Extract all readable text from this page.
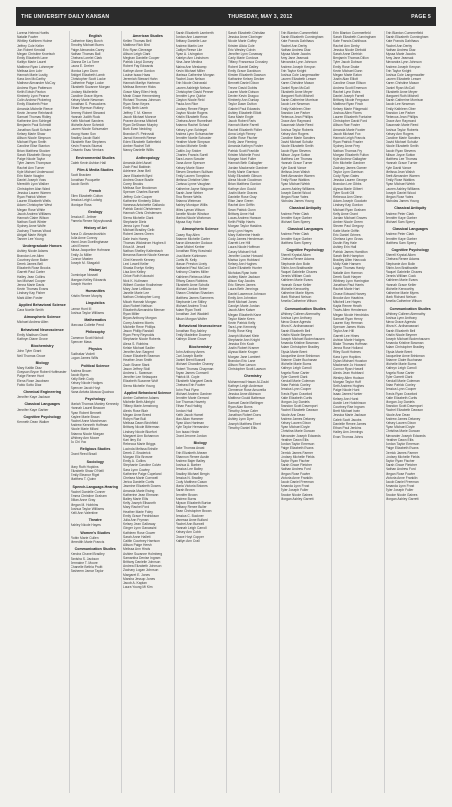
THE UNIVERSITY DAILY KANSAN	THURSDAY, MAY 3, 2012	PAGE 5
Lorena Helena Huelts
Natalie Fowler
Whitley Kathleen Hulme
Jeffrey Cole Keller
Jon Robert Kendall
Megan Christine Kroetsch
Emily Elizabeth Lane
Kaitlyn Marie Laurel
Matthew Ryan Lohmeyer
Melissa Ann Lohr
Hannah Marie Lustig
Kara Ann McCarthy
Mathew Alexander McCoy
Andrew Ryan Patterson
Keith Edwin Paxton
Kimberly Lynn Pearce
Colin Andrew Pickering
Emily Elizabeth Price
Amanda Michelle Reece
Kevin Jerome Reinhardt
Samuel Thomas Ridley
Katherine Ann Schlegel
Benjamin Paul Schmidt
Jonathan Scott Schuler
Kelsey Marie Shaw
Allison Nicole Simpson
Michael Ryan Smith
Caroline Elise Stanton
Brian Matthew Stocker
Sarah Elizabeth Stroup
Paige Nicole Taylor
Tyler James Thompson
Rachel Ann Turner
Kyle Michael Underwood
Erin Marie Vaughn
Daniel Joseph Voss
Meredith Lynn Walker
Christopher Alan Ward
Jessica Lauren Warren
Ryan Patrick Weber
Lauren Elizabeth Wells
Adam Christopher West
Megan Rose White
Jacob Andrew Williams
Hannah Claire Wilson
Nathan Scott Winter
Sydney Anne Wolfe
Zachary Thomas Wood
Abigail Marie Wright
Tanner Lee Young
Undergraduate Honors
Ashley Nicole Adams
Brandon Lee Allen
Courtney Anne Baker
Derek James Bell
Elizabeth Rose Brooks
Garrett Paul Carter
Hailey Jean Collins
Ian Michael Cooper
Jenna Marie Davis
Kevin Thomas Evans
Lindsey Kay Fisher
Mark Allen Foster
Applied Behavioral Science
Cara Noelle Smith
Atmospheric Science
Michael Andrew Allen
Behavioral Neuroscience
Emily Madison Grant
Kathryn Diane Grove
Biochemistry
John Tyler Grant
Neil Thomas Groce
Biology
Mary Kaitlin Diaz
Grayson Bryce Robert Huffmaster
Paige Renee Hunt
Elena Rose Jacobsen
Fabio Sotto Diaz
Chemical Engineering
Jennifer Kaye Jackson
Classical Languages
Jennifer Kaye Garber
Cognitive Psychology
Kenneth Dean Walker
English
Catherine Mary Burch
Timothy Michael Burns
Paige Alexandra Carey
Nathan Thomas Ball
Chelsea Lorelei Clark
Gianna De La Torre
Laura E. Dreher
Monica Lynn Dunn
Bridget Elizabeth Lamb
Christopher Scott Locke
Catherine Paige Locke
Elizabeth Suzanne Morgan
Lindsey Mullerleile
Caroline Grace Myers
Kelsey Marie Newman
Jonathan S. Prasuckers
Ethan Ryerson Rutkey
Jeremy Robert Steward
Hannah Judith Ruck
Keith Michael Sanders
Michelle Anne Schmidt
Lauren Nicole Schuessler
Young Hwan Son
Bradley Jacob Stahl
Elizabeth Rae Stephens
Kevin Francis Stuessi
Crisanto Esau Ventura
Environmental Studies
Caleb Kevin Ashton Hall
Film & Media Studies
Scott Bracken
Jonathan Pouquette
Jacob Smith
French
Ellen Elizabeth Colton
Jessica Leigh Ludwig
Monique Ross
Geology
Jessica E. Jettner
Pamela Renee Wyrzykowski
History of Art
Anna D. Alexandrushkin
Julia Anne Conroy
Yanni Jean Doellinghasse
Laini Emmer
Alissa Jacqueline Hofmann
Emily Ju Miller
Connor Masten
Joseph M. Sbagaldi
History
Dominique Nosseil
Maegan Kelley Edwards
Joseph Hunter
Humanities
Kristin Renee Murphy
Linguistics
Lamar Hunt III
Joshua Taylor Williams
Mathematics
Marcusa Collette Pend
Philosophy
Cameron Scott Nicholl
Spencer Mass
Physics
Sudhakar Vodeti
Logan James Wills
Political Science
Andrea Brown
Jacob Byers
Kelly Beth Cody
Kelsey Nicole Hodges
Spencer Jacob Hoyt
Nana Antwia Akosua Quainoo
Psychology
Mariah Thomas Manley Kennedy
Hannah Laurel Beacom
Ryan Robert Bennett
Kaylee Marie Braun
Rachel Anne Marchesan
Andrew Kenneth Hoffman
Nicole Marie Milani
Brianna Nicole Morgan
Whitney Ann Moore
Ju Chi Yoo
Religious Studies
Grant Reed Brazil
Sociology
Mary Ruth Hopkins
Elizabeth Shaw O'Neill
Emily Eleanor Rigel
Matthew T. Quinn
Speech-Language-Hearing
Rachel Danielle Conner
Emma Christine Graham
Jillian Anne Gray
Megan M. Hobbins
Joshua Taylor Williams
Kelli Ann Valentine
Theatre
Ashley Nicole Hayes
Women's Studies
Robin Marie Cullen
Meredith Marie Francis
Communication Studies
Kendra Chanel Bradley
Tanisha S. Jackson
Jermaine T. Moore
Chanelle Bethia Pruitt
Tasheem Jamar Taylor
American Studies
Kellen Thomas Bell
Matthew Rich Bird
Eric Ryan Cleveage
Allison Leigh Clark
Meghan Danielle Cooper
Patrick Lloyd Dorsey
Robert Fay Edwards
Kathryn Anne Gordon
Louise Isaac Haas
Jeremiah Stewart Hahn
Hannah Marilyn Hartman
Melissa Brenner Hicks
Grace Mary Ellen Hedy
Meah Grace Hennenberg
Richard Thomas Johnson
Ryan Sean Keyes
Emily Beth Lamb
Jeffrey T. M. Klemm
Jacob Michael Monroe
Pravee Anvesa Mitchell
Ryan DeShawn Murphy
Burk Evan Nedding
Brandon R. Petrovski
Jarrod Kenneth Reese
Eden Elizabeth Satterfield
Amber Rachel Toft
Nancy Danielle Willis
Anthropology
Amanda Ariel Assel
Zach Paul Baldwin
Adrienne Jean Bell
Jane Elizabeth Byrd
Andrea Grace Bustle
Corey Brooks
Melissa Sue Brockman
Spencer Charles Burnett
Jeffrey Cole Cooper
Katherine Kimberly Dillon
Vanessa Antoinette Gallardo
Patrick David Christensen
Hannah Chris Christensen
Sierra Michelle Clark
Stephanie Dietz
Jenna Lynn Foust
Michael Bradley Gelb
Robert James Green
Dale Irwin Haney
Thomas Wickstrom Hughes II
Erica M. Jewell
Nathan Shelley Kaltenbach
Breanna Bonnie Nicole Keenan
Clint Kenneth Kenney
Lexi Lowell Keller
Shasta Evelyn Kelley
Lisa Ann Kelley
Chloe Ruth Kokoschi
Nick K. Kullmann
Wilbert Gordon Kvalheimer
Mary Jane LeBlanc
Janelle Marie Lee
Nathan Christopher Long
Micah Hannah Morgan
Alan Robert Neilson
Elizabeth Alexandria Menser
Ryan Miller
Bryan Anthony Morgan
Corey Andrew Morris
Michelle Rene Phillips
Jason Phillip Randall
Ryan Perry Reynolds
Stephanie Nicole Roberts
Alexa S. Robbins
Kelsie Michael Sadler
Jennifer Ann Sargent
Grace Elizabeth Seaman
Heather Jean Smith
Zach Shane Stark
Jason Jeffrey Stoll
Andrew L. Swanson
Jennifer Lee Velasquez
Elizabeth Suzanne Wolf
Sierra Michelle Young
Applied Behavioral Science
Amber Catherine Adams
Michelle Beth Albright
Tiffany Marie Armstrong
Alexis Rose Blair
Megan Anne Breed
Robyn Rae Bull
Melissa Dawn Birchfield
Brittany Nicole Bitterman
Lindsey Nicole Bluefort
Margaret Ann Bohannon
Kari Ilery Ed
Rebecca Marie Briggs
Lucinda Melissa Brindle
Derek Z. Broderick
Morgan Eliz Browne
Emily A. Collins
Stephanie Caroline Colvin
Sara Lynn Cowley
Katherine Paige Copeland
Chelsea Marie Cornwell
Jerica Danielle Curtis
Jasmine Elizabeth Downs
Amanda Marie Ewing
Katherine Jean Ehmann
Bailey Marie Ellis
Kelly Joseph Ellsworth
Mary Rachel Ford
Heather Marie Foley
Emily Grace Fredrickson
Julia Ann Fryman
Kelsey Jean Galloway
Ginger Lynn Ganassini
Kathleen Rose Gower
Sarah Anne Hallett
Caitlin Courtney Harrison
Allison Paige Hersh
Melissa Ann Hinds
Ashlee Suzanne Holmberg
Samantha Denise Ingram
Brittany Danielle Johnson
Andrea Elizabeth Johnson
Zachary Logan Johnson
Margaret E. Jones
Marsha Jessop Jones
Jacob A. Kaplan
Laura Young Mi Kim
Sarah Elizabeth Lamberth
Jordan Ann Lawrence
Brittany Danielle Law
Andrew Martin Lee
Caitlyn Reese Lile
Ryan A. Livingston
Katelyn Ann Lindstrom
Nina Jane Medina
Alaina Ann Meskamp
Kevin Michael Miller
Marissa Catherine Morgan
Rachel Joan Nelson
Erin Nicole Ostrowski
Lauren Ashleigh Nelson
Christopher David Penner
Jennifer Lynn Quirke
Clayton Nicole Reid
Paula Ann Rice
Lindsey Renee Rieger
Dayton Nicole Rogers
Kristin Elizabeth Ross
Chelsea Anne Rumelhart
Arianna Rachel Schauf
Kelsey Lynn Schlegel
Andrea Lynn Schumacher
Jennifer Noelle Schuster
Heather Marie Simpson
Jordan Michele Smith
Caitlin Joy Snider
Charles Francis Sorell
Sara Leann Sowder
Dana Anne Spencer
Kelsey Marie Stone
Steven Dearborn Sullivan
Emily Lauren Tompkins
Melissa Christine Utter
Carissa Lynne Vaughan
Katherine Jayne Wagoner
Sarah Jane Weber
Tina Renee Wells
Brianna Weirman
Ashley Monique Willis
Miles Lyman Wilson
Janelle Nicole Windsor
Marina Nicole Workman
Alyssa Kay Yoder
Atmospheric Science
Casey Ray Allen
Brianne Michelle Carter
Aaron Alexander Godaux
Dane Michel Kerber
Jonathan Riley Krasinski
Lisa Marie Kuhlmann
Curtis W. Kelly
Mason Preston Lively
Nathaniel Paul McCord
Anthony Charles Miller
Kathleen Rebecca Mize
Tiffany Dawn Robbins
Elizabeth Anne Schultz
Michael Jordan Seber
Shawn Christian Shanken
Matthew James Sommers
Stephanie Lee Stilley
Michael Andrew Trout
Adam Ryan Twell
Jonathan Joel Waddell
Alison Morgan Wolfer
Behavioral Neuroscience
Jonathan Roy Ashley
Emily Madeline Downey
Kathryn Diane Grove
Biochemistry
John Anthony Ames
Carl Joseph Bartle
Daniel Brent Bussell
Michael Chandler Chaney
Robert Thomas Chapman
Bryan James Cornwell
Patrick M. Coyle
Elizabeth Margaret Davis
Chelsea Erin Fowler
John Paul Flynn
Michael Andrew Gardner
Jennifer Marie Gerrard
Joe Thomas Haverty
Ethan Paul Halbig
Jordan Hall
Keith Jacob Hamel
Max Allan Hammer
Ryan Alan Hartman
Kyle Taylor Hernandez
Jon Isaac Hinde
Grant Jerome Jordan
Biology
Jake Thomas Anast
Erin Elizabeth Ahearn
Shannon Renee Austin
Andrew Bajer Bailey
Joshua A. Barber
Jessica Lee Bailey
Bradley Michael Bergin
Jessica N. Bradley
Cody Matthew Cason
Maria Victoria Briones
Sarah Brown
Jennifer Brown
Andrew Burns
Allyson Elizabeth Burton
Brittany Renee Buller
Sean Christopher Brown
Jessica C. Buckner
Vanessa Anne Bullard
Rachel Ann Burwell
Hannah Leigh Carroll
Kelsey Ann Cobb
Grace Hoyt Copper
Kaitlyn Ann Crall
Sarah Elizabeth Christian
Jessica Anne Cloninger
Nicole Marie Coffey
Kristen Alicia Cole
Eric Wesley Colvin
Jennifer Lynn Conaway
Carly Marie Cordova
Tiffany Francesca Crossley
Robert Daniel Dailey
Emily Grace Davidson
Kirsten Elizabeth Dawson
Katharine Kelsey Decker
Bennett Daniel Dixon
Trevor David Dobbs
Lauren Marie Dotson
Dexter Kevin Dragoo
Kimberly Ann Dunlap
Taylor Dawn Dutton
Gabriel Paul Edwards
Ashley Elizabeth Elliott
Sara Marie Engle
Jacob Robert Faris
Hannah Marie Farrell
Rachel Elizabeth Fidler
Anna Leigh Finney
Caitlin Rose Fischer
Emily Jane Fleming
Amanda Kathryn Foster
Patrick Scott Franklin
Kristen Michelle Frost
Morgan Noel Fuller
Hannah Beth Gallagher
Jordan Mackenzie Gardner
Emily Marie Garrison
Molly Elizabeth Gibson
Alexa Nicole Goodman
Brian Matthew Gordon
Kathryn Ann Gould
Justin Marie Graves
Danielle Rose Gray
Elise Jane Green
Rachel Ann Griffin
Sean Patrick Gunn
Brittany Anne Hall
Lucas Andrew Hanson
Keith Phillip Harris
Morgan Taylor Haskins
Amy Lynn Hayes
Mary Katherine Heath
Cody James Henderson
Garrett Lee Hill
Laura Nicole Hoffman
Casey Michael Holt
Jennifer Louise Howard
Marisa Lynn Hubbard
Kelsey Ann Hughes
Claire Elizabeth Hunter
Nicholas Ryan Irwin
Ashley Marie Jackson
Alison Kay Jacobs
Eric Steven James
Laura Beth Jennings
Daniel Lawrence Johnson
Emily Ann Johnston
Brett Michael Jones
Carolyn Marie Jordan
Jacob Allen Kaiser
Megan Elizabeth Kane
Taylor Marie Keen
Kevin Patrick Kelly
Tara Lynn Kennedy
Emily Rose King
Joseph Michael Klein
Stephanie Ann Knight
Jessica Erin Koch
Justin Robert Kramer
Alyssa Marie Kruger
Morgan Jane Lambert
Brandon Eric Lane
Allison Rae Larson
Christopher Scott Lawson
Chemistry
Mohammad Hasan Al-Zoubi
Kathryn Leigh Anderson
Clemence Rose Ansorella
Jessica Anne Atkinson
Matthew Gould Batterson
Samuel Daniel Bellinger
Ryan Alan Burns
Timothy Jesse Cater
Jonathan Robert Dons
Ashley Lynn Dyer
Joseph Matthew Ebert
Timothy Daniel Ellis
Erin Blanton Cummerfield
Sarah Elizabeth Cunningham
Kate Francis Dahlhaus
Rachel Ann Derby
Nathan Andrew Diaz
Alyssa Marie Jacobs
Amy Jane Jeansak
Alexandra Lynn Johnson
Andrew Joseph Kenyon
Erin Taylor Knight
Joshua Cole Langenwalter
Lauren Elizabeth Lesser
Karen Christine Mason
Daniel Ryan McCall
Elizabeth Anne Meyer
Margaret Ruth Mitchell
Sarah Catherine Morrison
Jacob Lee Newman
Emily Kathleen Ober
Brandon Lee Parker
Rebecca Jean Phillips
Grace Ann Raymond
Susannah Marie Reed
Joshua Taylor Roberts
Kelsey Ann Rogers
Caroline Marie Sanders
David Michael Schultz
Nicole Elizabeth Smith
Jacob Ryan Stevens
Allison Joyce Sutton
Matthew Lee Thomas
Hannah Grace Turner
Kyle David Vance
Melissa Jean Walsh
Brett Alexander Warren
Emily Rose Watkins
Ryan Michael Webb
Lauren Ashley Williams
Joseph Daniel Wood
Megan Rose Yates
Nicholas James Young
Classical Antiquity
Andrew Peter Clark
Jennifer Kaye Garber
Michael Sam Sperry
Classical Languages
Andrew Peter Clark
Jennifer Kaye Garber
Matthew Sam Sperry
Cognitive Psychology
Sherell Krystal Aiken
Chelsea Renee Adams
Stephanie Ann Bolin
Shirin Ann Braithwaite
Raquel Gabrielle Chaves
Dennis William Cook
Kathleen Marie Evans
Hannah Grace Keller
Michelle Kenworthy
Katherine Marie Myers
Mark Richard Nelson
Amelia Catherine Wilson
Communication Studies
Whitney Colleen Abernathy
Joshua Lynn Anthony
Alexa Grace Agresta
Mirza K. Ardhanaswari
Sarah Elizabeth Bell
Kristin Nicole Beymer
Joseph Michael Bodenhausen
Amanda Kristine Bowman
Adam Christopher Bradley
Elysia Marie Brent
Jacqueline Anne Brinkman
Brianne Claire Buchanan
Michelle Marie Burns
Kathryn Leigh Carroll
Angela Rose Carter
Tyler Garrett Clark
Kendall Marie Coleman
Brian Patrick Conley
Jessica Lynn Cooper
Travis Ryan Crawford
Katie Elizabeth Curtis
Morgan Joy Daniels
Brandon Scott Davenport
Rachel Elizabeth Dawson
Nicole Ann Dean
Andrew James Delaney
Kelsey Lauren Dixon
Ryan Michael Doyle
Christina Marie Duncan
Alexander Joseph Edwards
Heather Dawn Ellis
Jordan Taylor Emerson
Paige Elizabeth Evans
Derrick James Farmer
Lindsey Michelle Fields
Taylor Ryan Fischer
Sarah Grace Fletcher
Nathan Andrew Ford
Megan Rose Fowler
Victoria Anne Franklin
Jacob Daniel Freeman
Amanda Lynn Frost
Tyler Joseph Fuller
Brooke Nicole Gaines
Morgan Ashley Garrett
Erin Blanton Cummerfield
Sarah Elizabeth Cunningham
Kate Francis Dahlhaus
Rachel Ann Derby
Jessica Nicole Diebold
Sarah Anne Dietrich
Benjamin Thomas Dillon
Tyler Jacob Dobson
Emily Rose Drake
Kevin Michael Dunn
Megan Marie Eaton
Justin Alan Elliott
Caroline Grace Ellison
Andrew Scott Emerson
Rachel Lynn Estes
Daniel Joseph Farrell
Brittany Nicole Ferguson
Matthew Ryan Finch
Kelsey Marie Fitzgerald
Joshua Allen Flores
Lauren Elizabeth Fontaine
Christopher David Ford
Allison Rae Foster
Amanda Marie Fowler
Jacob Michael Fox
Hannah Leigh Francis
Ryan Patrick Frazier
Sydney Anne Frey
Nathan Thomas Fry
Morgan Elizabeth Fulton
Kyle Andrew Gallagher
Erin Michelle Gardner
Zachary James Garner
Taylor Lynn Garrison
Cody Ryan Gates
Jessica Lauren George
Brandon Lee Gibbs
Alyssa Marie Gilbert
Tyler Scott Gill
Rebecca Ann Glenn
Adam Joseph Goodwin
Lindsey Kay Gordon
Michael Ryan Graham
Kelly Anne Grant
Jordan Michael Graves
Amber Nicole Green
Steven Paul Gregory
Katie Marie Griffin
Eric Daniel Grimes
Chelsea Lynn Gross
Dustin Ray Hale
Ashley Erin Hall
Patrick James Hamilton
Sarah Beth Hampton
Bradley Allen Hancock
Molly Kate Hansen
Logan Thomas Hardy
Natalie Ann Harmon
Derek Scott Harper
Whitney Lynn Harrington
Jonathan Paul Harris
Rachel Marie Hart
Chase Edward Harvey
Brooke Ann Hawkins
Mitchell Lee Hayes
Kayla Renee Heath
Travis Allen Henderson
Megan Nicole Hendricks
Samuel Ryan Henry
Lauren Kay Herman
Spencer James Hicks
Taylor Ann Hill
Garrett Lee Hines
Ashton Marie Hodges
Blake Thomas Hoffman
Jenna Rose Holland
Riley Scott Holmes
Kara Lynn Hopkins
Dylan Michael Houston
Mackenzie Jo Howard
Connor Ryan Howell
Alexis Jean Hubbard
Wesley Allen Hudson
Morgan Taylor Huff
Seth Andrew Hughes
Paige Nicole Hunt
Isaac James Hunter
Kelsey Ann Hurst
Austin Lee Hutchinson
Courtney Rae Ingram
Brett Michael Irwin
Jessica Marie Jackson
Caleb Scott Jacobs
Danielle Renee James
Ethan Paul Jenkins
Hailey Ann Jennings
Evan Thomas Johns
Erin Blanton Cummerfield
Sarah Elizabeth Cunningham
Kate Francis Dahlhaus
Rachel Ann Derby
Nathan Andrew Diaz
Alyssa Marie Jacobs
Amy Jane Jeansak
Alexandra Lynn Johnson
Andrew Joseph Kenyon
Erin Taylor Knight
Joshua Cole Langenwalter
Lauren Elizabeth Lesser
Karen Christine Mason
Daniel Ryan McCall
Elizabeth Anne Meyer
Margaret Ruth Mitchell
Sarah Catherine Morrison
Jacob Lee Newman
Emily Kathleen Ober
Brandon Lee Parker
Rebecca Jean Phillips
Grace Ann Raymond
Susannah Marie Reed
Joshua Taylor Roberts
Kelsey Ann Rogers
Caroline Marie Sanders
David Michael Schultz
Nicole Elizabeth Smith
Jacob Ryan Stevens
Allison Joyce Sutton
Matthew Lee Thomas
Hannah Grace Turner
Kyle David Vance
Melissa Jean Walsh
Brett Alexander Warren
Emily Rose Watkins
Ryan Michael Webb
Lauren Ashley Williams
Joseph Daniel Wood
Megan Rose Yates
Nicholas James Young
Classical Antiquity
Andrew Peter Clark
Jennifer Kaye Garber
Michael Sam Sperry
Classical Languages
Andrew Peter Clark
Jennifer Kaye Garber
Matthew Sam Sperry
Cognitive Psychology
Sherell Krystal Aiken
Chelsea Renee Adams
Stephanie Ann Bolin
Shirin Ann Braithwaite
Raquel Gabrielle Chaves
Dennis William Cook
Kathleen Marie Evans
Hannah Grace Keller
Michelle Kenworthy
Katherine Marie Myers
Mark Richard Nelson
Amelia Catherine Wilson
Communication Studies
Whitney Colleen Abernathy
Joshua Lynn Anthony
Alexa Grace Agresta
Mirza K. Ardhanaswari
Sarah Elizabeth Bell
Kristin Nicole Beymer
Joseph Michael Bodenhausen
Amanda Kristine Bowman
Adam Christopher Bradley
Elysia Marie Brent
Jacqueline Anne Brinkman
Brianne Claire Buchanan
Michelle Marie Burns
Kathryn Leigh Carroll
Angela Rose Carter
Tyler Garrett Clark
Kendall Marie Coleman
Brian Patrick Conley
Jessica Lynn Cooper
Travis Ryan Crawford
Katie Elizabeth Curtis
Morgan Joy Daniels
Brandon Scott Davenport
Rachel Elizabeth Dawson
Nicole Ann Dean
Andrew James Delaney
Kelsey Lauren Dixon
Ryan Michael Doyle
Christina Marie Duncan
Alexander Joseph Edwards
Heather Dawn Ellis
Jordan Taylor Emerson
Paige Elizabeth Evans
Derrick James Farmer
Lindsey Michelle Fields
Taylor Ryan Fischer
Sarah Grace Fletcher
Nathan Andrew Ford
Megan Rose Fowler
Victoria Anne Franklin
Jacob Daniel Freeman
Amanda Lynn Frost
Tyler Joseph Fuller
Brooke Nicole Gaines
Morgan Ashley Garrett
